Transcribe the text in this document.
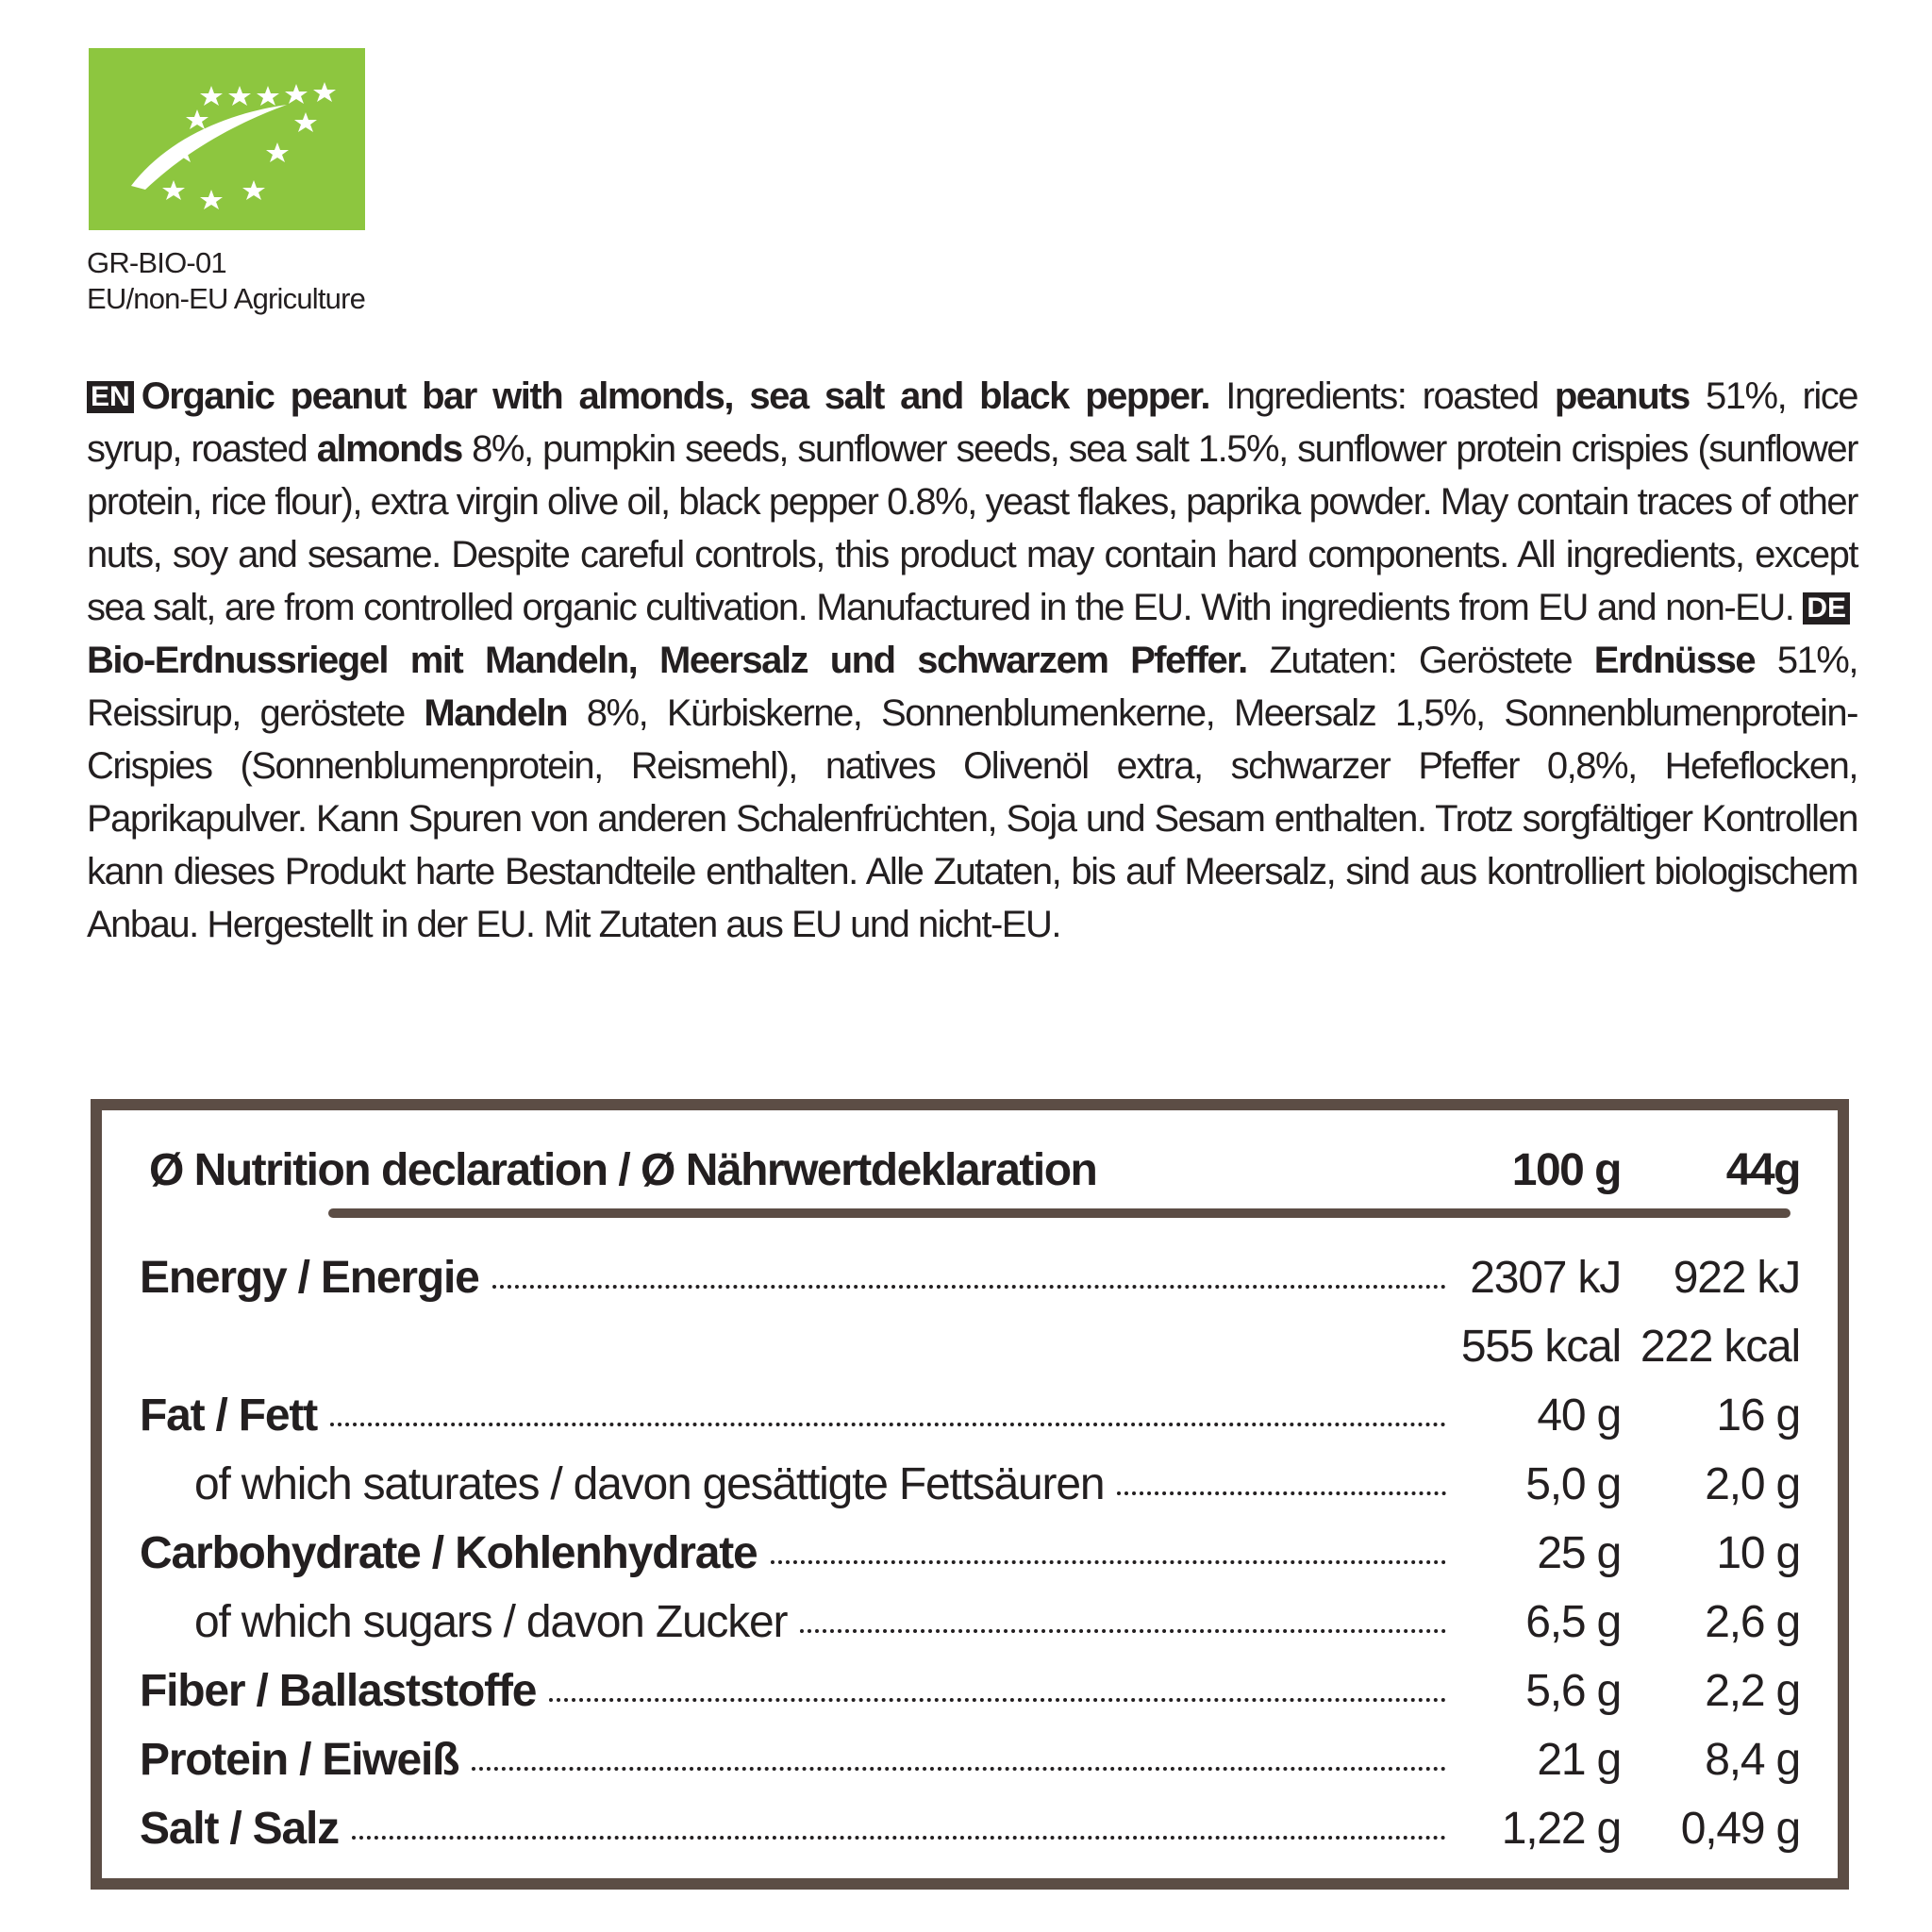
GR-BIO-01
EU/non-EU Agriculture
EN Organic peanut bar with almonds, sea salt and black pepper. Ingredients: roasted peanuts 51%, rice syrup, roasted almonds 8%, pumpkin seeds, sunflower seeds, sea salt 1.5%, sunflower protein crispies (sunflower protein, rice flour), extra virgin olive oil, black pepper 0.8%, yeast flakes, paprika powder. May contain traces of other nuts, soy and sesame. Despite careful controls, this product may contain hard components. All ingredients, except sea salt, are from controlled organic cultivation. Manufactured in the EU. With ingredients from EU and non-EU. DEBio-Erdnussriegel mit Mandeln, Meersalz und schwarzem Pfeffer. Zutaten: Geröstete Erdnüsse 51%, Reissirup, geröstete Mandeln 8%, Kürbiskerne, Sonnenblumenkerne, Meersalz 1,5%, Sonnenblumenprotein-Crispies (Sonnenblumenprotein, Reismehl), natives Olivenöl extra, schwarzer Pfeffer 0,8%, Hefeflocken, Paprikapulver. Kann Spuren von anderen Schalenfrüchten, Soja und Sesam enthalten. Trotz sorgfältiger Kontrollen kann dieses Produkt harte Bestandteile enthalten. Alle Zutaten, bis auf Meersalz, sind aus kontrolliert biologischem Anbau. Hergestellt in der EU. Mit Zutaten aus EU und nicht-EU.
Ø Nutrition declaration / Ø Nährwertdeklaration	100 g 44g
Energy / Energie	2307 kJ 922 kJ
555 kcal 222 kcal
Fat / Fett	40 g 16 g
of which saturates / davon gesättigte Fettsäuren	5,0 g 2,0 g
Carbohydrate / Kohlenhydrate	25 g 10 g
of which sugars / davon Zucker	6,5 g 2,6 g
Fiber / Ballaststoffe	5,6 g 2,2 g
Protein / Eiweiß	21 g 8,4 g
Salt / Salz	1,22 g 0,49 g
